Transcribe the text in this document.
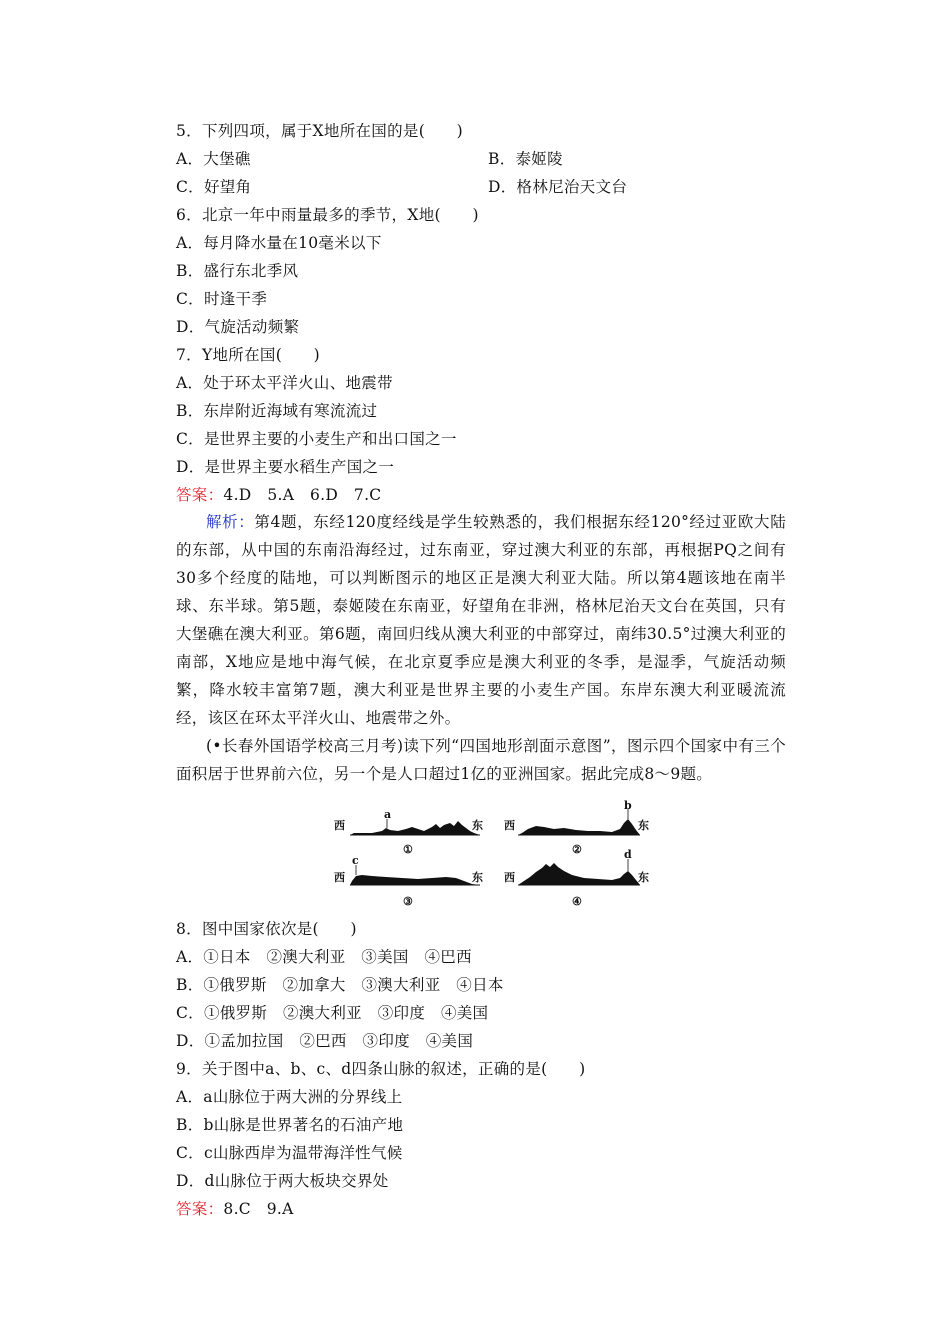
5．下列四项，属于X地所在国的是(　　)
A．大堡礁	B．泰姬陵
C．好望角	D．格林尼治天文台
6．北京一年中雨量最多的季节，X地(　　)
A．每月降水量在10毫米以下
B．盛行东北季风
C．时逢干季
D．气旋活动频繁
7．Y地所在国(　　)
A．处于环太平洋火山、地震带
B．东岸附近海域有寒流流过
C．是世界主要的小麦生产和出口国之一
D．是世界主要水稻生产国之一
答案：4.D　5.A　6.D　7.C
解析：第4题，东经120度经线是学生较熟悉的，我们根据东经120°经过亚欧大陆的东部，从中国的东南沿海经过，过东南亚，穿过澳大利亚的东部，再根据PQ之间有30多个经度的陆地，可以判断图示的地区正是澳大利亚大陆。所以第4题该地在南半球、东半球。第5题，泰姬陵在东南亚，好望角在非洲，格林尼治天文台在英国，只有大堡礁在澳大利亚。第6题，南回归线从澳大利亚的中部穿过，南纬30.5°过澳大利亚的南部，X地应是地中海气候，在北京夏季应是澳大利亚的冬季，是湿季，气旋活动频繁，降水较丰富第7题，澳大利亚是世界主要的小麦生产国。东岸东澳大利亚暖流流经，该区在环太平洋火山、地震带之外。
(•长春外国语学校高三月考)读下列“四国地形剖面示意图”，图示四个国家中有三个面积居于世界前六位，另一个是人口超过1亿的亚洲国家。据此完成8～9题。
西
a
东
①
西
b
东
②
西
c
东
③
西
d
东
④
8．图中国家依次是(　　)
A．①日本　②澳大利亚　③美国　④巴西
B．①俄罗斯　②加拿大　③澳大利亚　④日本
C．①俄罗斯　②澳大利亚　③印度　④美国
D．①孟加拉国　②巴西　③印度　④美国
9．关于图中a、b、c、d四条山脉的叙述，正确的是(　　)
A．a山脉位于两大洲的分界线上
B．b山脉是世界著名的石油产地
C．c山脉西岸为温带海洋性气候
D．d山脉位于两大板块交界处
答案：8.C　9.A
